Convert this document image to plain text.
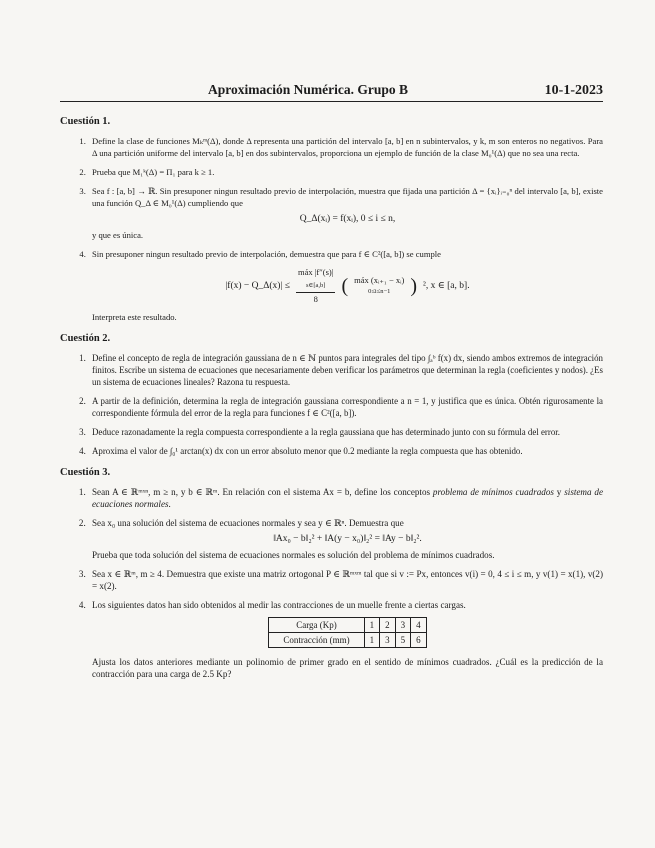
Aproximación Numérica. Grupo B	10-1-2023
Cuestión 1.
1. Define la clase de funciones Mₖᵐ(Δ), donde Δ representa una partición del intervalo [a, b] en n subintervalos, y k, m son enteros no negativos. Para Δ una partición uniforme del intervalo [a, b] en dos subintervalos, proporciona un ejemplo de función de la clase M₀¹(Δ) que no sea una recta.
2. Prueba que M₁ᵏ(Δ) = Π₁ para k ≥ 1.
3. Sea f : [a, b] → ℝ. Sin presuponer ningun resultado previo de interpolación, muestra que fijada una partición Δ = {xᵢ}ᵢ₌₀ⁿ del intervalo [a, b], existe una función Q_Δ ∈ M₀¹(Δ) cumpliendo que
Q_Δ(xᵢ) = f(xᵢ), 0 ≤ i ≤ n,
y que es única.
4. Sin presuponer ningun resultado previo de interpolación, demuestra que para f ∈ C²([a, b]) se cumple
|f(x) − Q_Δ(x)| ≤
máx |f″(s)|
s∈[a,b]
8
( máx (xᵢ₊₁ − xᵢ)
0≤i≤n−1 ) ², x ∈ [a, b].
Interpreta este resultado.
Cuestión 2.
1. Define el concepto de regla de integración gaussiana de n ∈ ℕ puntos para integrales del tipo ∫ₐᵇ f(x) dx, siendo ambos extremos de integración finitos. Escribe un sistema de ecuaciones que necesariamente deben verificar los parámetros que determinan la regla (coeficientes y nodos). ¿Es un sistema de ecuaciones lineales? Razona tu respuesta.
2. A partir de la definición, determina la regla de integración gaussiana correspondiente a n = 1, y justifica que es única. Obtén rigurosamente la correspondiente fórmula del error de la regla para funciones f ∈ C²([a, b]).
3. Deduce razonadamente la regla compuesta correspondiente a la regla gaussiana que has determinado junto con su fórmula del error.
4. Aproxima el valor de ∫₀¹ arctan(x) dx con un error absoluto menor que 0.2 mediante la regla compuesta que has obtenido.
Cuestión 3.
1. Sean A ∈ ℝᵐˣⁿ, m ≥ n, y b ∈ ℝᵐ. En relación con el sistema Ax = b, define los conceptos problema de mínimos cuadrados y sistema de ecuaciones normales.
2. Sea x₀ una solución del sistema de ecuaciones normales y sea y ∈ ℝⁿ. Demuestra que
‖Ax₀ − b‖₂² + ‖A(y − x₀)‖₂² = ‖Ay − b‖₂².
Prueba que toda solución del sistema de ecuaciones normales es solución del problema de mínimos cuadrados.
3. Sea x ∈ ℝᵐ, m ≥ 4. Demuestra que existe una matriz ortogonal P ∈ ℝᵐˣᵐ tal que si v := Px, entonces v(i) = 0, 4 ≤ i ≤ m, y v(1) = x(1), v(2) = x(2).
4. Los siguientes datos han sido obtenidos al medir las contracciones de un muelle frente a ciertas cargas.
Carga (Kp)	1	2	3	4
Contracción (mm)	1	3	5	6
Ajusta los datos anteriores mediante un polinomio de primer grado en el sentido de mínimos cuadrados. ¿Cuál es la predicción de la contracción para una carga de 2.5 Kp?
